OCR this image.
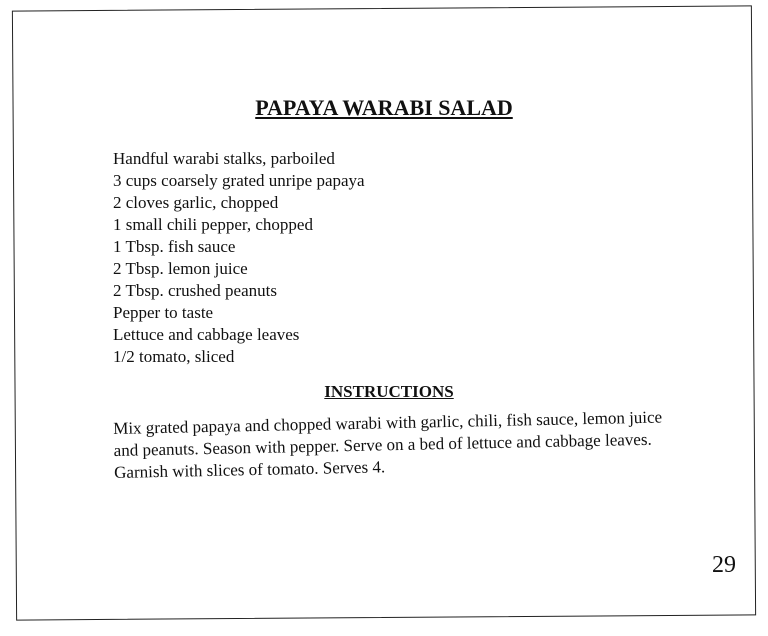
PAPAYA WARABI SALAD
Handful warabi stalks, parboiled
3 cups coarsely grated unripe papaya
2 cloves garlic, chopped
1 small chili pepper, chopped
1 Tbsp. fish sauce
2 Tbsp. lemon juice
2 Tbsp. crushed peanuts
Pepper to taste
Lettuce and cabbage leaves
1/2 tomato, sliced
INSTRUCTIONS
Mix grated papaya and chopped warabi with garlic, chili, fish sauce, lemon juice and peanuts. Season with pepper. Serve on a bed of lettuce and cabbage leaves. Garnish with slices of tomato. Serves 4.
29
